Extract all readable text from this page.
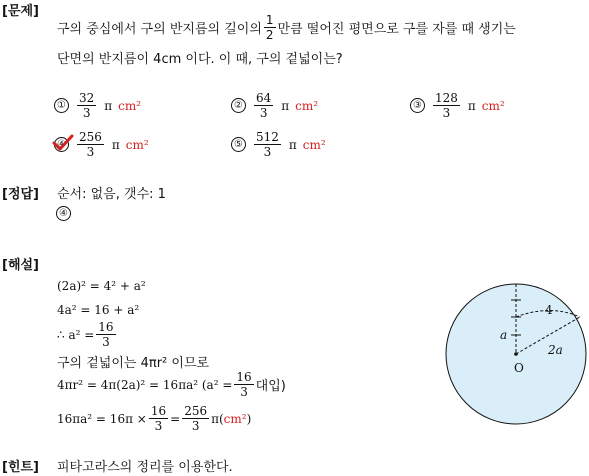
[문제]
구의 중심에서 구의 반지름의 길이의 $\frac{1}{2}$ 만큼 떨어진 평면으로 구를 자를 때 생기는
단면의 반지름이 4cm 이다. 이 때, 구의 겉넓이는?
① $\frac{32}{3}$ π cm²	② $\frac{64}{3}$ π cm²	③ $\frac{128}{3}$ π cm²
④ $\frac{256}{3}$ π cm²	⑤ $\frac{512}{3}$ π cm²
[정답] 순서: 없음, 갯수: 1
④
[해설]
(2a)² = 4² + a²
4a² = 16 + a²
∴ $a^2 = \frac{16}{3}$
구의 겉넓이는 4πr² 이므로
4πr² = 4π(2a)² = 16πa² ($a^2 = \frac{16}{3}$ 대입)
$16\pi a^2 = 16\pi \times \frac{16}{3} = \frac{256}{3} \pi$( cm² )
O
a
2a
4
[힌트] 피타고라스의 정리를 이용한다.
